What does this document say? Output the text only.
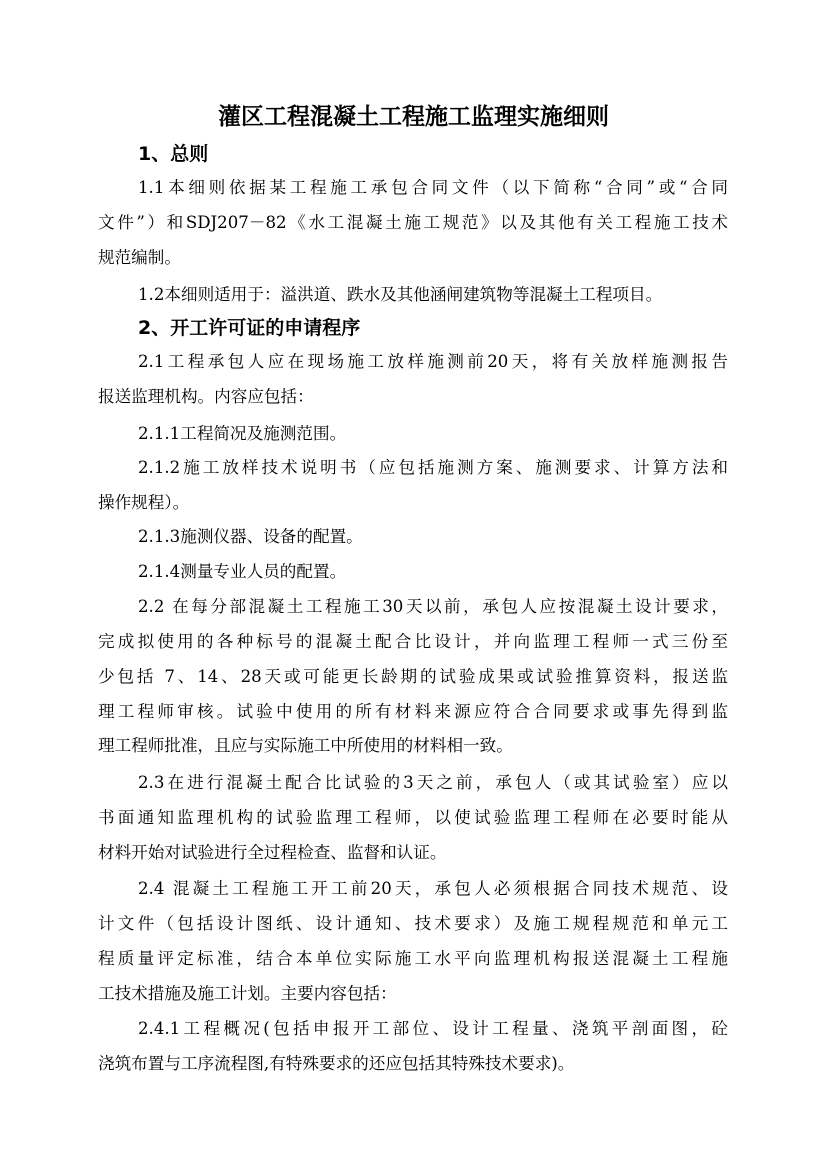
灌区工程混凝土工程施工监理实施细则
1、总则
1.1本细则依据某工程施工承包合同文件（以下简称“合同”或“合同
文件”）和SDJ207－82《水工混凝土施工规范》以及其他有关工程施工技术
规范编制。
1.2本细则适用于：溢洪道、跌水及其他涵闸建筑物等混凝土工程项目。
2、开工许可证的申请程序
2.1工程承包人应在现场施工放样施测前20天，将有关放样施测报告
报送监理机构。内容应包括：
2.1.1工程简况及施测范围。
2.1.2施工放样技术说明书（应包括施测方案、施测要求、计算方法和
操作规程）。
2.1.3施测仪器、设备的配置。
2.1.4测量专业人员的配置。
2.2 在每分部混凝土工程施工30天以前，承包人应按混凝土设计要求，
完成拟使用的各种标号的混凝土配合比设计，并向监理工程师一式三份至
少包括 7、14、28天或可能更长龄期的试验成果或试验推算资料，报送监
理工程师审核。试验中使用的所有材料来源应符合合同要求或事先得到监
理工程师批准，且应与实际施工中所使用的材料相一致。
2.3在进行混凝土配合比试验的3天之前，承包人（或其试验室）应以
书面通知监理机构的试验监理工程师，以使试验监理工程师在必要时能从
材料开始对试验进行全过程检查、监督和认证。
2.4 混凝土工程施工开工前20天，承包人必须根据合同技术规范、设
计文件（包括设计图纸、设计通知、技术要求）及施工规程规范和单元工
程质量评定标准，结合本单位实际施工水平向监理机构报送混凝土工程施
工技术措施及施工计划。主要内容包括：
2.4.1工程概况(包括申报开工部位、设计工程量、浇筑平剖面图，砼
浇筑布置与工序流程图,有特殊要求的还应包括其特殊技术要求)。
